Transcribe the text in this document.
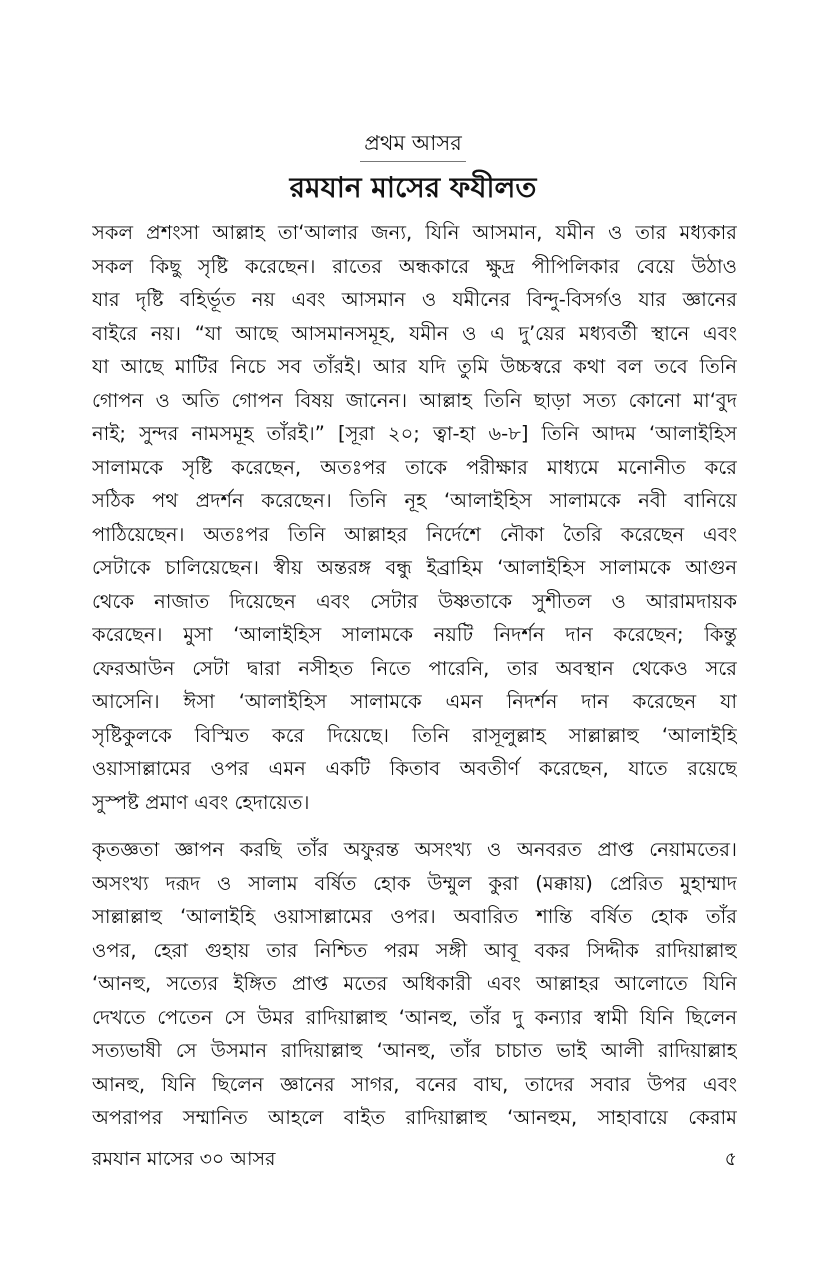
প্রথম আসর
রমযান মাসের ফযীলত
সকল প্রশংসা আল্লাহ তা‘আলার জন্য, যিনি আসমান, যমীন ও তার মধ্যকার
সকল কিছু সৃষ্টি করেছেন। রাতের অন্ধকারে ক্ষুদ্র পীপিলিকার বেয়ে উঠাও
যার দৃষ্টি বহির্ভূত নয় এবং আসমান ও যমীনের বিন্দু-বিসর্গও যার জ্ঞানের
বাইরে নয়। “যা আছে আসমানসমূহ, যমীন ও এ দু’য়ের মধ্যবর্তী স্থানে এবং
যা আছে মাটির নিচে সব তাঁরই। আর যদি তুমি উচ্চস্বরে কথা বল তবে তিনি
গোপন ও অতি গোপন বিষয় জানেন। আল্লাহ তিনি ছাড়া সত্য কোনো মা‘বুদ
নাই; সুন্দর নামসমূহ তাঁরই।” [সূরা ২০; ত্বা-হা ৬-৮] তিনি আদম ‘আলাইহিস
সালামকে সৃষ্টি করেছেন, অতঃপর তাকে পরীক্ষার মাধ্যমে মনোনীত করে
সঠিক পথ প্রদর্শন করেছেন। তিনি নূহ ‘আলাইহিস সালামকে নবী বানিয়ে
পাঠিয়েছেন। অতঃপর তিনি আল্লাহর নির্দেশে নৌকা তৈরি করেছেন এবং
সেটাকে চালিয়েছেন। স্বীয় অন্তরঙ্গ বন্ধু ইব্রাহিম ‘আলাইহিস সালামকে আগুন
থেকে নাজাত দিয়েছেন এবং সেটার উষ্ণতাকে সুশীতল ও আরামদায়ক
করেছেন। মুসা ‘আলাইহিস সালামকে নয়টি নিদর্শন দান করেছেন; কিন্তু
ফেরআউন সেটা দ্বারা নসীহত নিতে পারেনি, তার অবস্থান থেকেও সরে
আসেনি। ঈসা ‘আলাইহিস সালামকে এমন নিদর্শন দান করেছেন যা
সৃষ্টিকুলকে বিস্মিত করে দিয়েছে। তিনি রাসূলুল্লাহ সাল্লাল্লাহু ‘আলাইহি
ওয়াসাল্লামের ওপর এমন একটি কিতাব অবতীর্ণ করেছেন, যাতে রয়েছে
সুস্পষ্ট প্রমাণ এবং হেদায়েত।
কৃতজ্ঞতা জ্ঞাপন করছি তাঁর অফুরন্ত অসংখ্য ও অনবরত প্রাপ্ত নেয়ামতের।
অসংখ্য দরূদ ও সালাম বর্ষিত হোক উম্মুল কুরা (মক্কায়) প্রেরিত মুহাম্মাদ
সাল্লাল্লাহু ‘আলাইহি ওয়াসাল্লামের ওপর। অবারিত শান্তি বর্ষিত হোক তাঁর
ওপর, হেরা গুহায় তার নিশ্চিত পরম সঙ্গী আবূ বকর সিদ্দীক রাদিয়াল্লাহু
‘আনহু, সত্যের ইঙ্গিত প্রাপ্ত মতের অধিকারী এবং আল্লাহর আলোতে যিনি
দেখতে পেতেন সে উমর রাদিয়াল্লাহু ‘আনহু, তাঁর দু কন্যার স্বামী যিনি ছিলেন
সত্যভাষী সে উসমান রাদিয়াল্লাহু ‘আনহু, তাঁর চাচাত ভাই আলী রাদিয়াল্লাহ
আনহু, যিনি ছিলেন জ্ঞানের সাগর, বনের বাঘ, তাদের সবার উপর এবং
অপরাপর সম্মানিত আহলে বাইত রাদিয়াল্লাহু ‘আনহুম, সাহাবায়ে কেরাম
রমযান মাসের ৩০ আসর	৫
